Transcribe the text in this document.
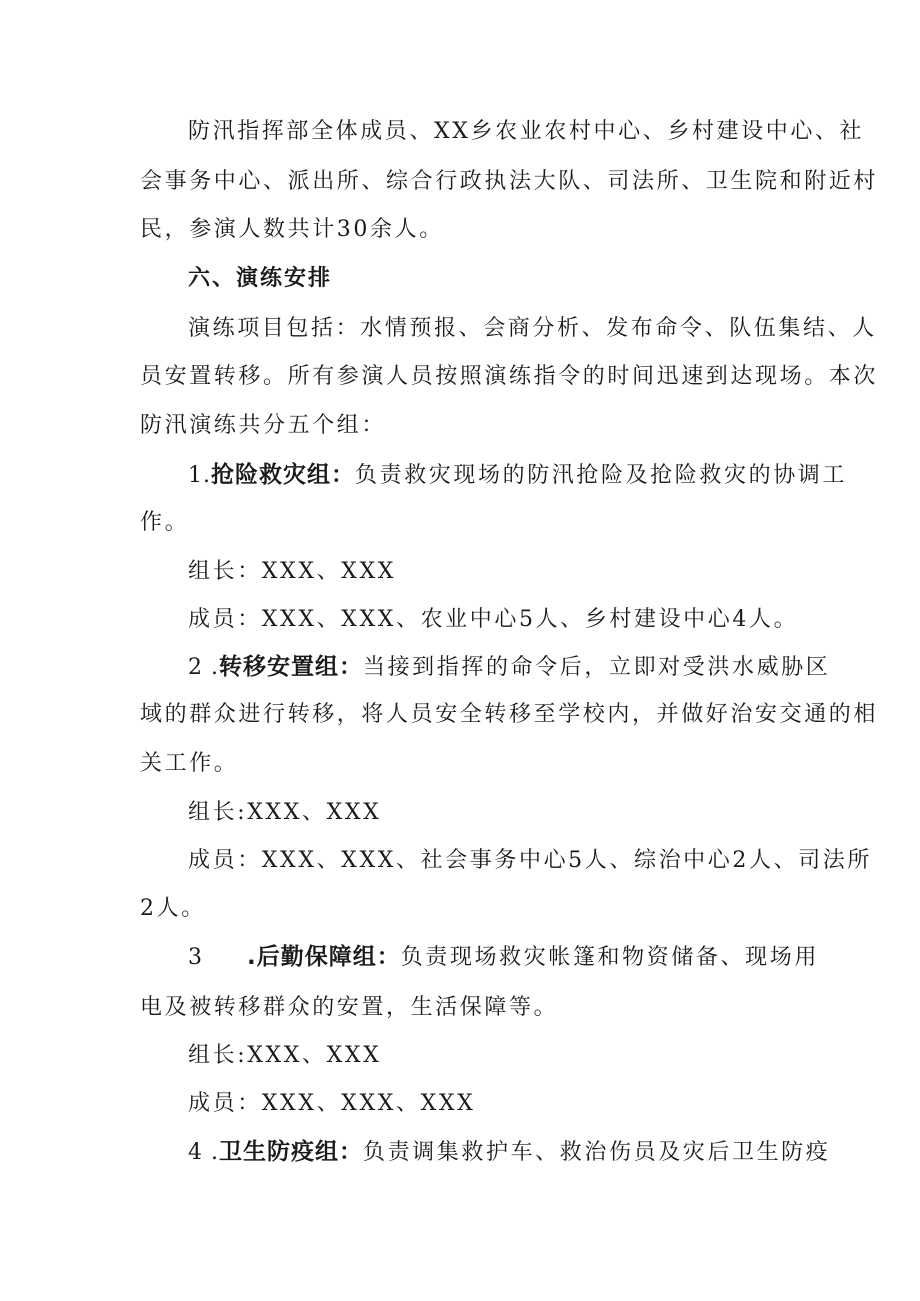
防汛指挥部全体成员、XX乡农业农村中心、乡村建设中心、社
会事务中心、派出所、综合行政执法大队、司法所、卫生院和附近村
民，参演人数共计30余人。
六、演练安排
演练项目包括：水情预报、会商分析、发布命令、队伍集结、人
员安置转移。所有参演人员按照演练指令的时间迅速到达现场。本次
防汛演练共分五个组：
1.抢险救灾组：负责救灾现场的防汛抢险及抢险救灾的协调工
作。
组长：XXX、XXX
成员：XXX、XXX、农业中心5人、乡村建设中心4人。
2 .转移安置组：当接到指挥的命令后，立即对受洪水威胁区
域的群众进行转移，将人员安全转移至学校内，并做好治安交通的相
关工作。
组长:XXX、XXX
成员：XXX、XXX、社会事务中心5人、综治中心2人、司法所
2人。
3 .后勤保障组：负责现场救灾帐篷和物资储备、现场用
电及被转移群众的安置，生活保障等。
组长:XXX、XXX
成员：XXX、XXX、XXX
4 .卫生防疫组：负责调集救护车、救治伤员及灾后卫生防疫
